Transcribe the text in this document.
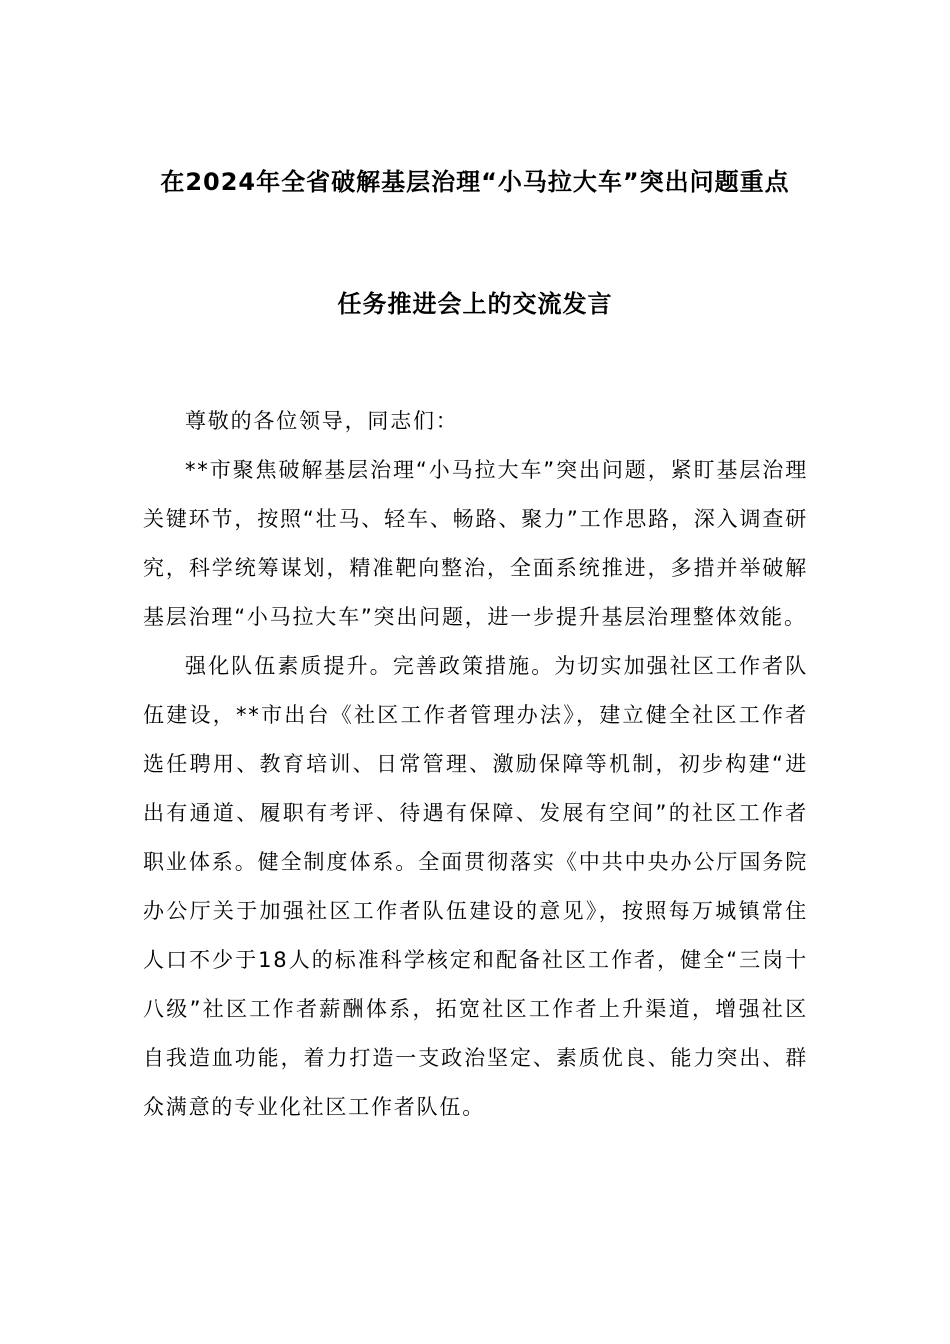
在2024年全省破解基层治理“小马拉大车”突出问题重点
任务推进会上的交流发言

尊敬的各位领导，同志们：

**市聚焦破解基层治理“小马拉大车”突出问题，紧盯基层治理关键环节，按照“壮马、轻车、畅路、聚力”工作思路，深入调查研究，科学统筹谋划，精准靶向整治，全面系统推进，多措并举破解基层治理“小马拉大车”突出问题，进一步提升基层治理整体效能。

强化队伍素质提升。完善政策措施。为切实加强社区工作者队伍建设，**市出台《社区工作者管理办法》，建立健全社区工作者选任聘用、教育培训、日常管理、激励保障等机制，初步构建“进出有通道、履职有考评、待遇有保障、发展有空间”的社区工作者职业体系。健全制度体系。全面贯彻落实《中共中央办公厅国务院办公厅关于加强社区工作者队伍建设的意见》，按照每万城镇常住人口不少于18人的标准科学核定和配备社区工作者，健全“三岗十八级”社区工作者薪酬体系，拓宽社区工作者上升渠道，增强社区自我造血功能，着力打造一支政治坚定、素质优良、能力突出、群众满意的专业化社区工作者队伍。
